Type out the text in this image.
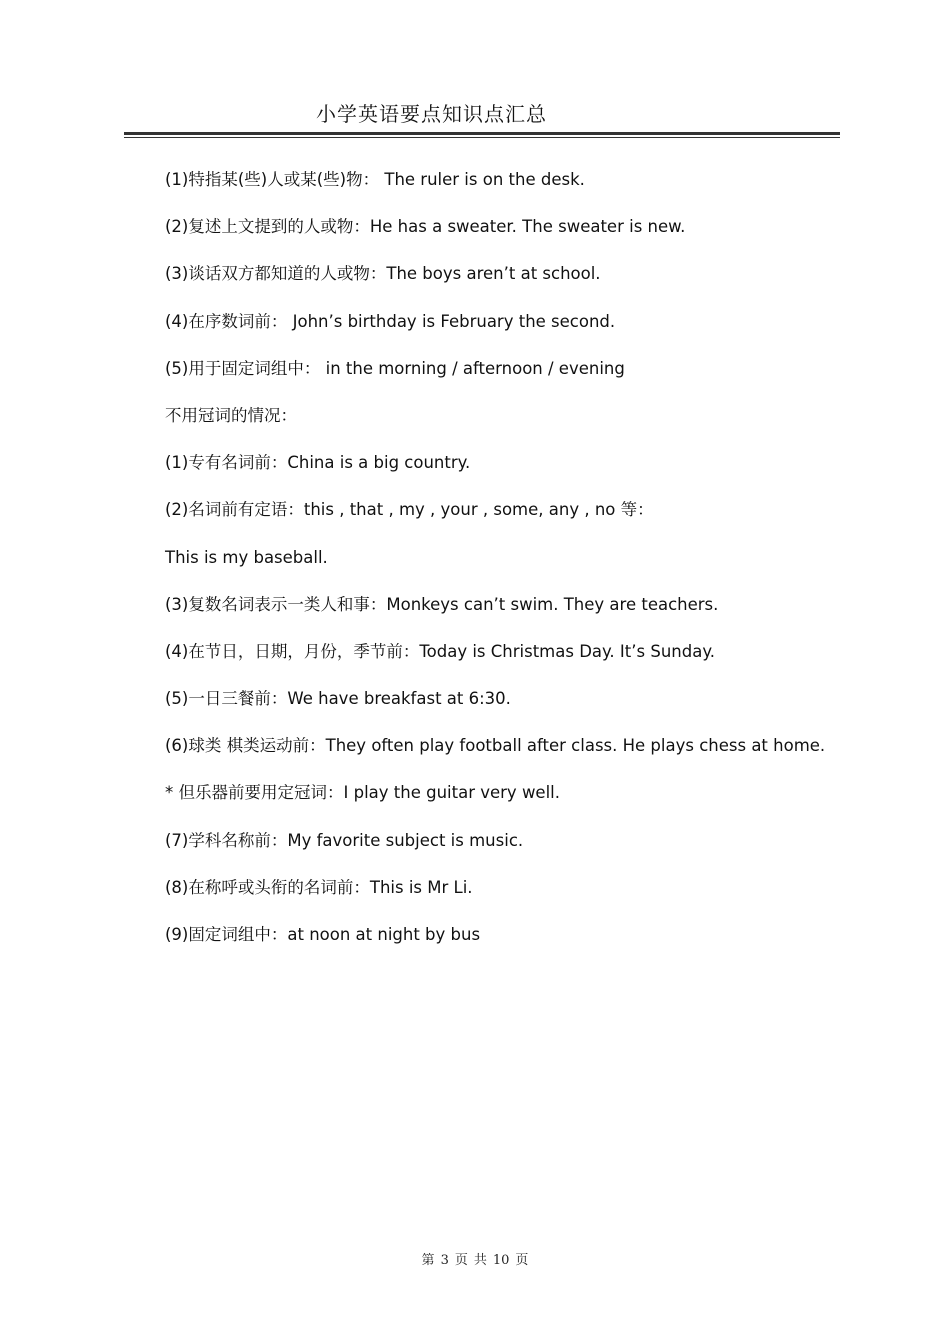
小学英语要点知识点汇总
(1)特指某(些)人或某(些)物： The ruler is on the desk.
(2)复述上文提到的人或物：He has a sweater. The sweater is new.
(3)谈话双方都知道的人或物：The boys aren’t at school.
(4)在序数词前： John’s birthday is February the second.
(5)用于固定词组中： in the morning / afternoon / evening
不用冠词的情况：
(1)专有名词前：China is a big country.
(2)名词前有定语：this , that , my , your , some, any , no 等：
This is my baseball.
(3)复数名词表示一类人和事：Monkeys can’t swim. They are teachers.
(4)在节日，日期，月份，季节前：Today is Christmas Day. It’s Sunday.
(5)一日三餐前：We have breakfast at 6:30.
(6)球类 棋类运动前：They often play football after class. He plays chess at home.
* 但乐器前要用定冠词：I play the guitar very well.
(7)学科名称前：My favorite subject is music.
(8)在称呼或头衔的名词前：This is Mr Li.
(9)固定词组中：at noon at night by bus
第 3 页 共 10 页
